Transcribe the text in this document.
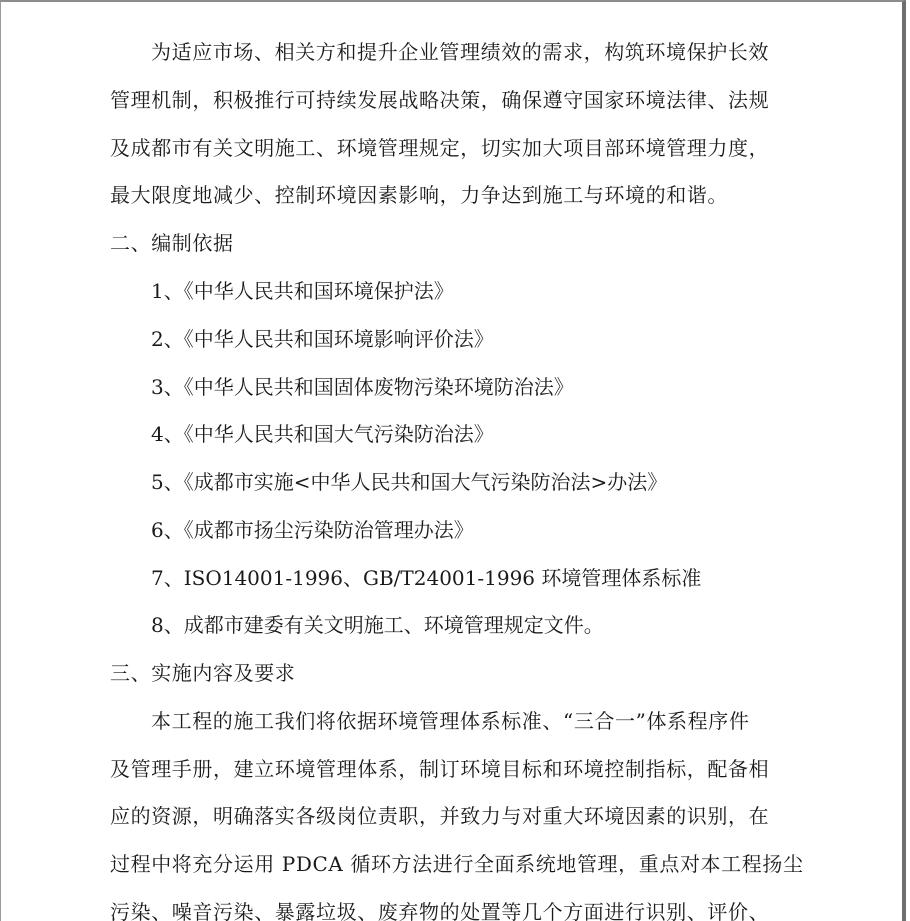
为适应市场、相关方和提升企业管理绩效的需求，构筑环境保护长效
管理机制，积极推行可持续发展战略决策，确保遵守国家环境法律、法规
及成都市有关文明施工、环境管理规定，切实加大项目部环境管理力度，
最大限度地减少、控制环境因素影响，力争达到施工与环境的和谐。
二、编制依据
1、《中华人民共和国环境保护法》
2、《中华人民共和国环境影响评价法》
3、《中华人民共和国固体废物污染环境防治法》
4、《中华人民共和国大气污染防治法》
5、《成都市实施<中华人民共和国大气污染防治法>办法》
6、《成都市扬尘污染防治管理办法》
7、ISO14001-1996、GB/T24001-1996 环境管理体系标准
8、成都市建委有关文明施工、环境管理规定文件。
三、实施内容及要求
本工程的施工我们将依据环境管理体系标准、“三合一”体系程序件
及管理手册，建立环境管理体系，制订环境目标和环境控制指标，配备相
应的资源，明确落实各级岗位责职，并致力与对重大环境因素的识别，在
过程中将充分运用 PDCA 循环方法进行全面系统地管理，重点对本工程扬尘
污染、噪音污染、暴露垃圾、废弃物的处置等几个方面进行识别、评价、
